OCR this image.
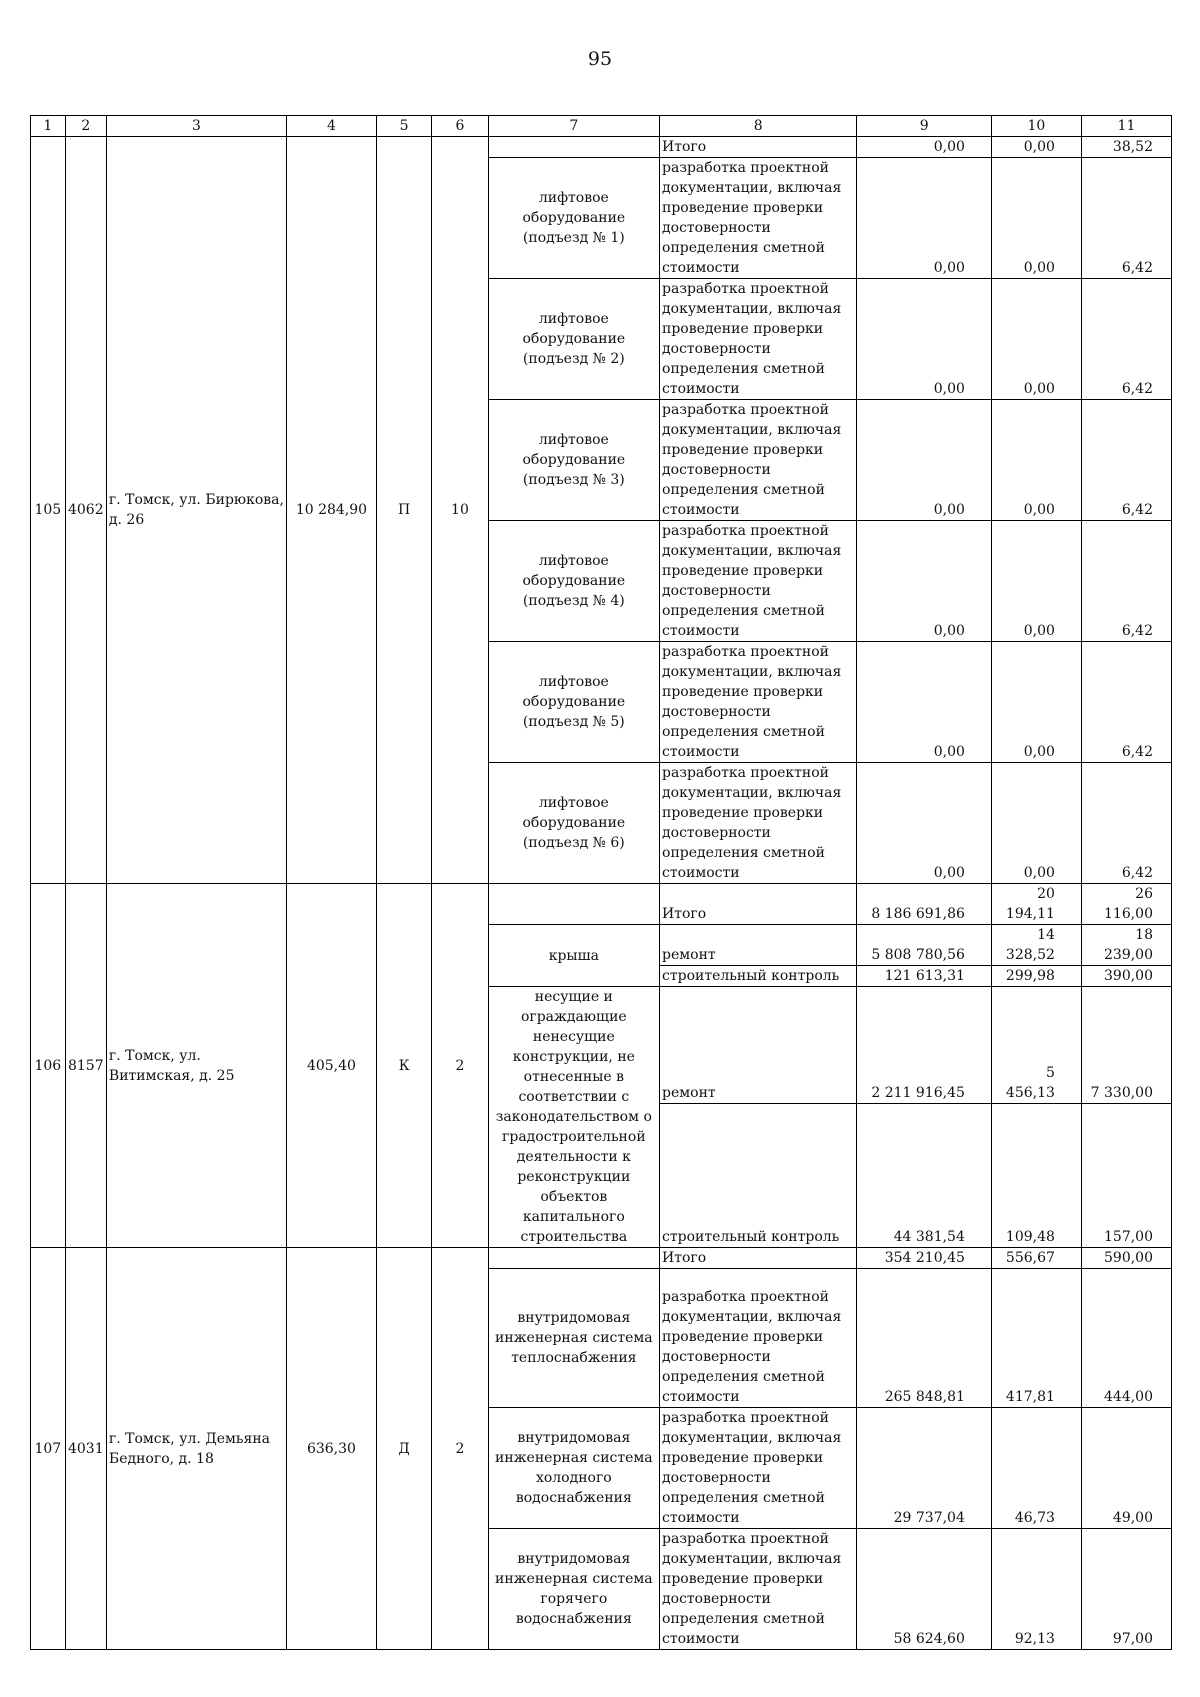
95
1	2	3	4	5	6	7	8	9	10	11
105	4062	г. Томск, ул. Бирюкова, д. 26	10 284,90	П	10		Итого	0,00	0,00	38,52
						лифтовое оборудование (подъезд № 1)	разработка проектной документации, включая проведение проверки достоверности определения сметной стоимости	0,00	0,00	6,42
						лифтовое оборудование (подъезд № 2)	разработка проектной документации, включая проведение проверки достоверности определения сметной стоимости	0,00	0,00	6,42
						лифтовое оборудование (подъезд № 3)	разработка проектной документации, включая проведение проверки достоверности определения сметной стоимости	0,00	0,00	6,42
						лифтовое оборудование (подъезд № 4)	разработка проектной документации, включая проведение проверки достоверности определения сметной стоимости	0,00	0,00	6,42
						лифтовое оборудование (подъезд № 5)	разработка проектной документации, включая проведение проверки достоверности определения сметной стоимости	0,00	0,00	6,42
						лифтовое оборудование (подъезд № 6)	разработка проектной документации, включая проведение проверки достоверности определения сметной стоимости	0,00	0,00	6,42
106	8157	г. Томск, ул. Витимская, д. 25	405,40	К	2		Итого	8 186 691,86	20 194,11	26 116,00
						крыша	ремонт	5 808 780,56	14 328,52	18 239,00
							строительный контроль	121 613,31	299,98	390,00
						несущие и ограждающие ненесущие конструкции, не отнесенные в соответствии с законодательством о градостроительной деятельности к реконструкции объектов капитального строительства	ремонт	2 211 916,45	5 456,13	7 330,00
							строительный контроль	44 381,54	109,48	157,00
107	4031	г. Томск, ул. Демьяна Бедного, д. 18	636,30	Д	2		Итого	354 210,45	556,67	590,00
						внутридомовая инженерная система теплоснабжения	разработка проектной документации, включая проведение проверки достоверности определения сметной стоимости	265 848,81	417,81	444,00
						внутридомовая инженерная система холодного водоснабжения	разработка проектной документации, включая проведение проверки достоверности определения сметной стоимости	29 737,04	46,73	49,00
						внутридомовая инженерная система горячего водоснабжения	разработка проектной документации, включая проведение проверки достоверности определения сметной стоимости	58 624,60	92,13	97,00
